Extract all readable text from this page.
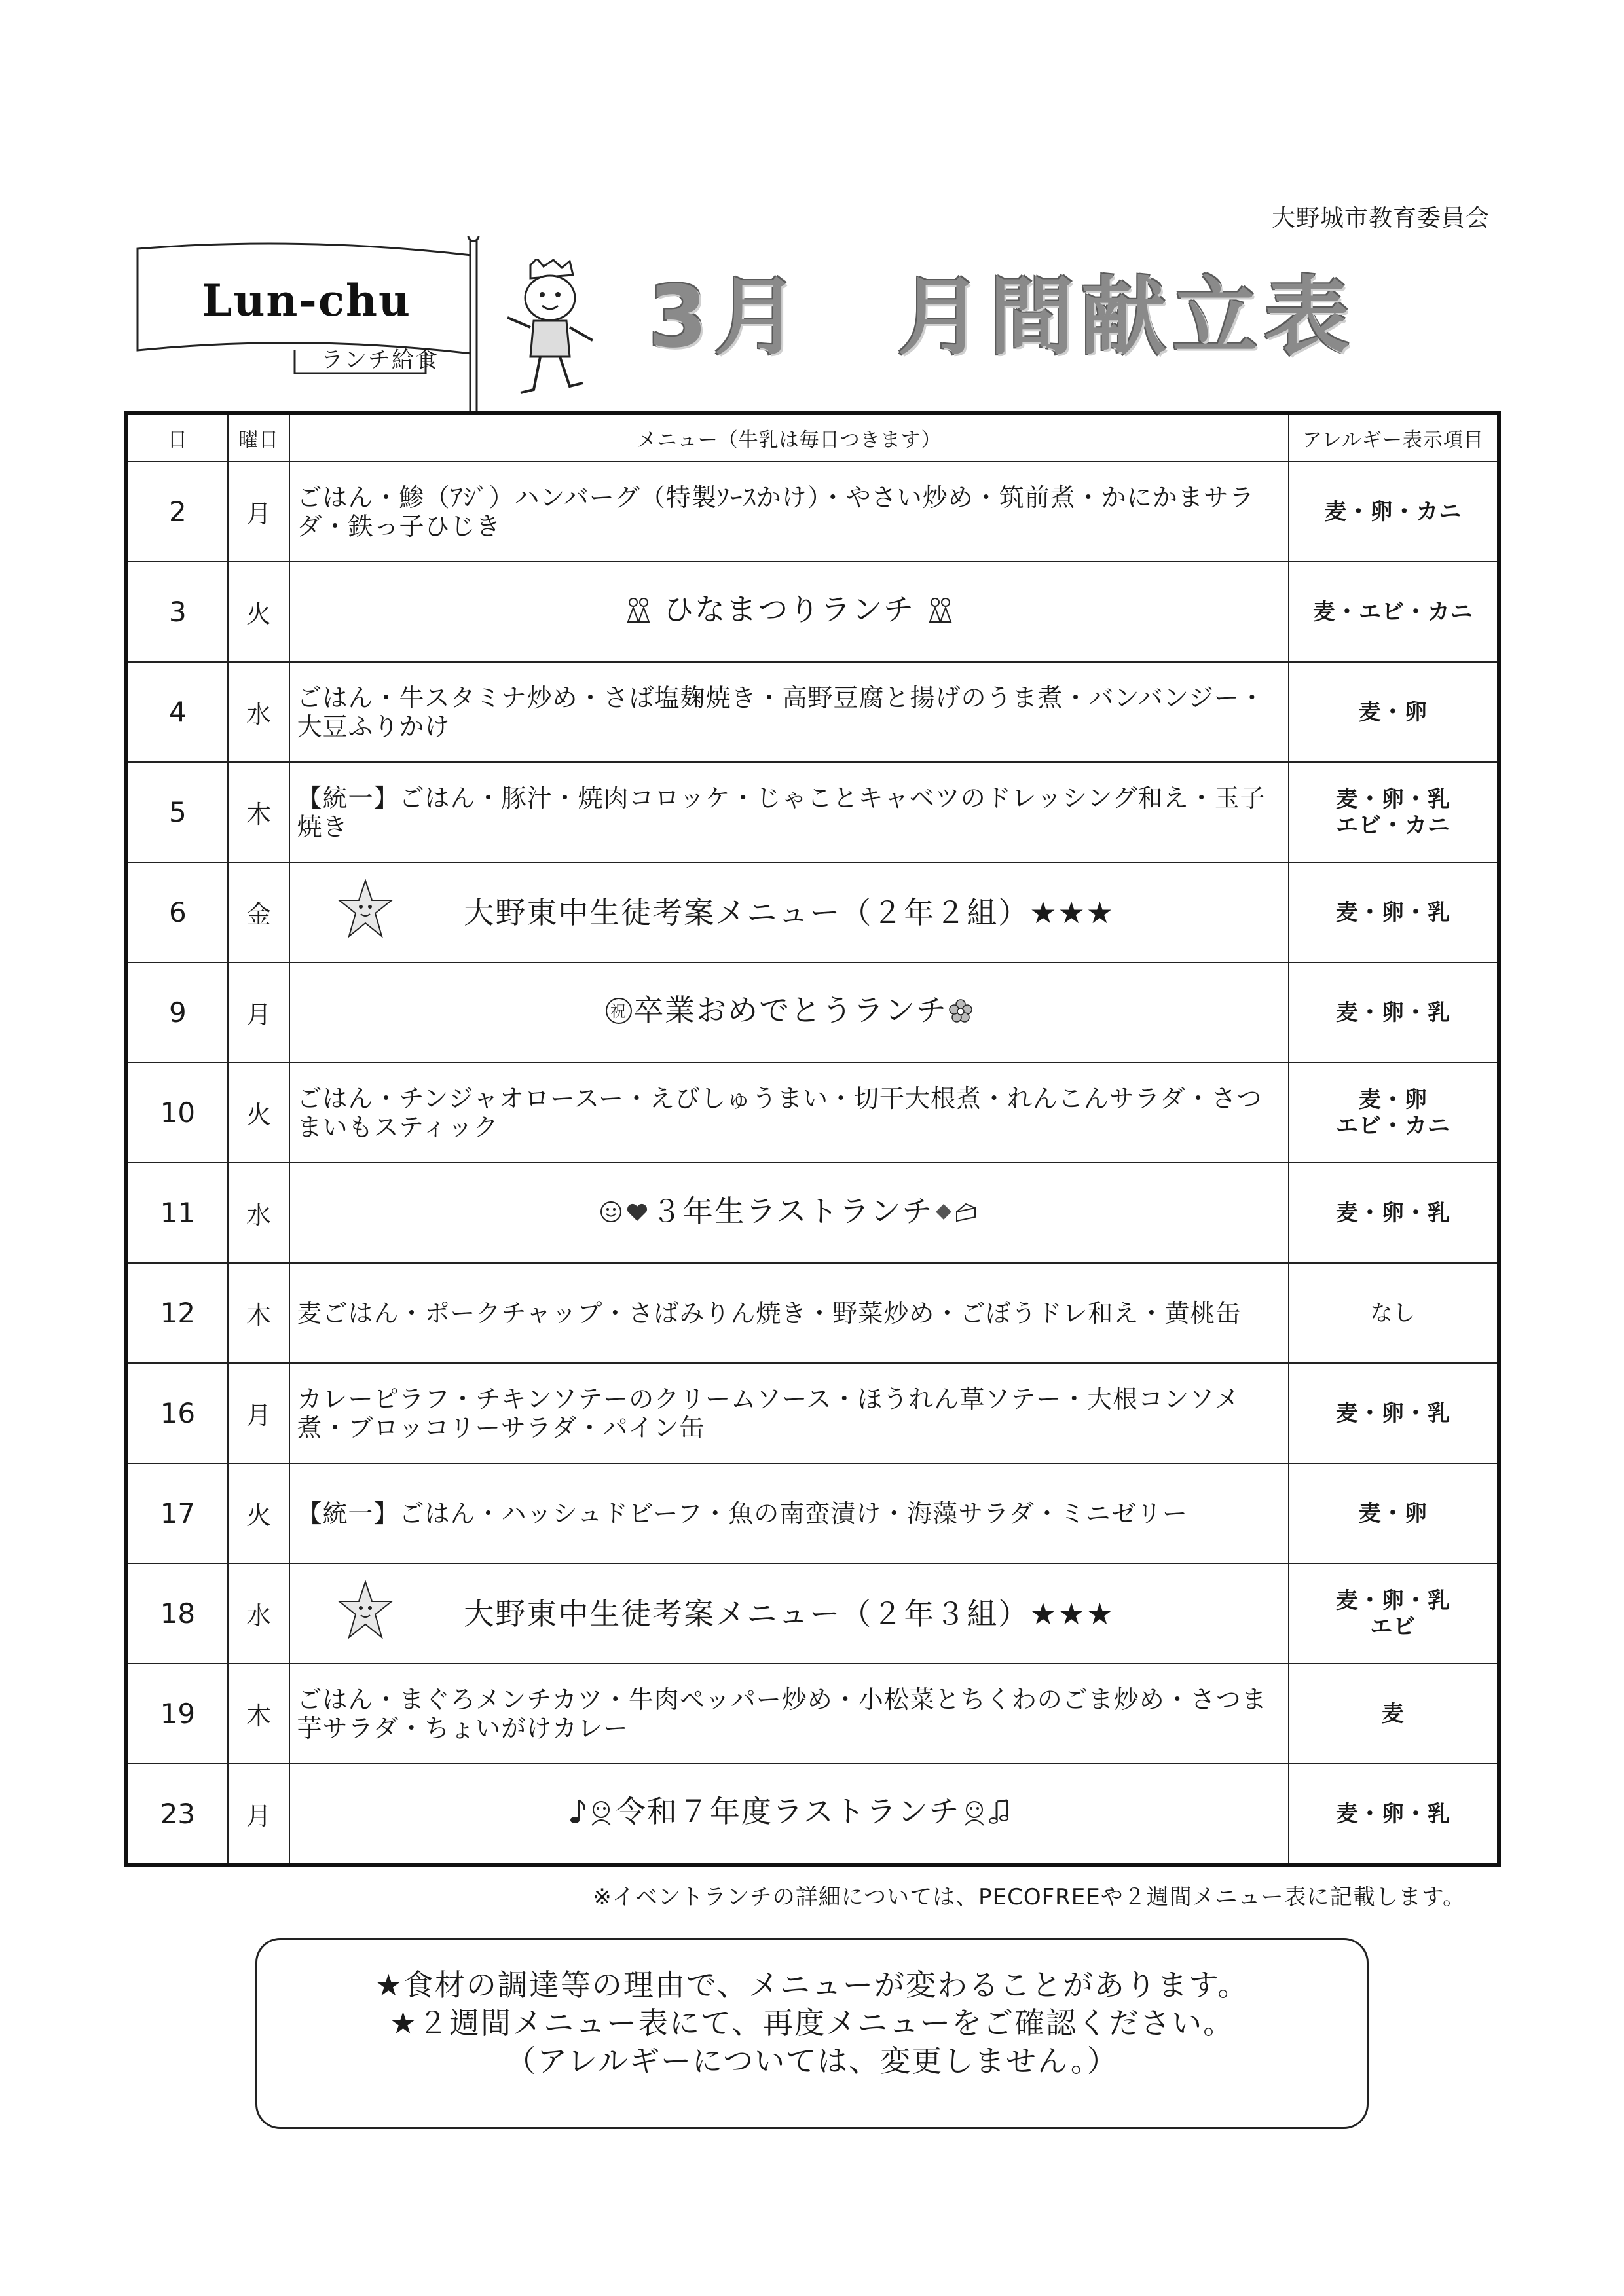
大野城市教育委員会
Lun-chu
ランチ給食 3月 月間献立表
日	曜日	メニュー（牛乳は毎日つきます）	アレルギー表示項目
2	月	ごはん・鯵（ｱｼﾞ）ハンバーグ（特製ｿｰｽかけ）・やさい炒め・筑前煮・かにかまサラダ・鉄っ子ひじき	麦・卵・カニ
3	火	ひなまつりランチ	麦・エビ・カニ
4	水	ごはん・牛スタミナ炒め・さば塩麹焼き・高野豆腐と揚げのうま煮・バンバンジー・大豆ふりかけ	麦・卵
5	木	【統一】ごはん・豚汁・焼肉コロッケ・じゃことキャベツのドレッシング和え・玉子焼き	麦・卵・乳
エビ・カニ

6	金	大野東中生徒考案メニュー（２年２組）★★★	麦・卵・乳
9	月	祝 卒業おめでとうランチ	麦・卵・乳
10	火	ごはん・チンジャオロースー・えびしゅうまい・切干大根煮・れんこんサラダ・さつまいもスティック	麦・卵
エビ・カニ

11	水	３年生ラストランチ	麦・卵・乳
12	木	麦ごはん・ポークチャップ・さばみりん焼き・野菜炒め・ごぼうドレ和え・黄桃缶	なし
16	月	カレーピラフ・チキンソテーのクリームソース・ほうれん草ソテー・大根コンソメ煮・ブロッコリーサラダ・パイン缶	麦・卵・乳
17	火	【統一】ごはん・ハッシュドビーフ・魚の南蛮漬け・海藻サラダ・ミニゼリー	麦・卵
18	水	大野東中生徒考案メニュー（２年３組）★★★	麦・卵・乳
エビ

19	木	ごはん・まぐろメンチカツ・牛肉ペッパー炒め・小松菜とちくわのごま炒め・さつま芋サラダ・ちょいがけカレー	麦
23	月	令和７年度ラストランチ	麦・卵・乳
※イベントランチの詳細については、PECOFREEや２週間メニュー表に記載します。
★食材の調達等の理由で、メニューが変わることがあります。
★２週間メニュー表にて、再度メニューをご確認ください。
（アレルギーについては、変更しません。）
